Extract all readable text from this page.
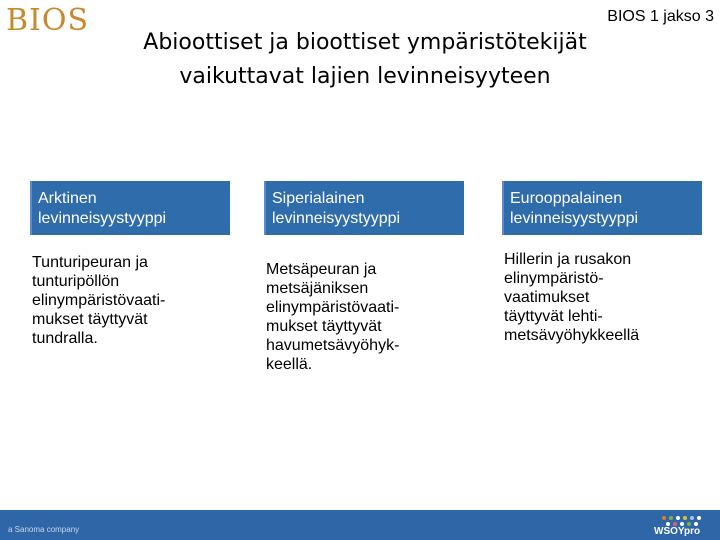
BIOS	BIOS 1 jakso 3
Abioottiset ja bioottiset ympäristötekijät
vaikuttavat lajien levinneisyyteen
Arktinen
levinneisyystyyppi
Tunturipeuran ja
tunturipöllön
elinympäristövaati-
mukset täyttyvät
tundralla.
Siperialainen
levinneisyystyyppi
Metsäpeuran ja
metsäjäniksen
elinympäristövaati-
mukset täyttyvät
havumetsävyöhyk-
keellä.
Eurooppalainen
levinneisyystyyppi
Hillerin ja rusakon
elinympäristö-
vaatimukset
täyttyvät lehti-
metsävyöhykkeellä
a Sanoma company	WSOYpro
